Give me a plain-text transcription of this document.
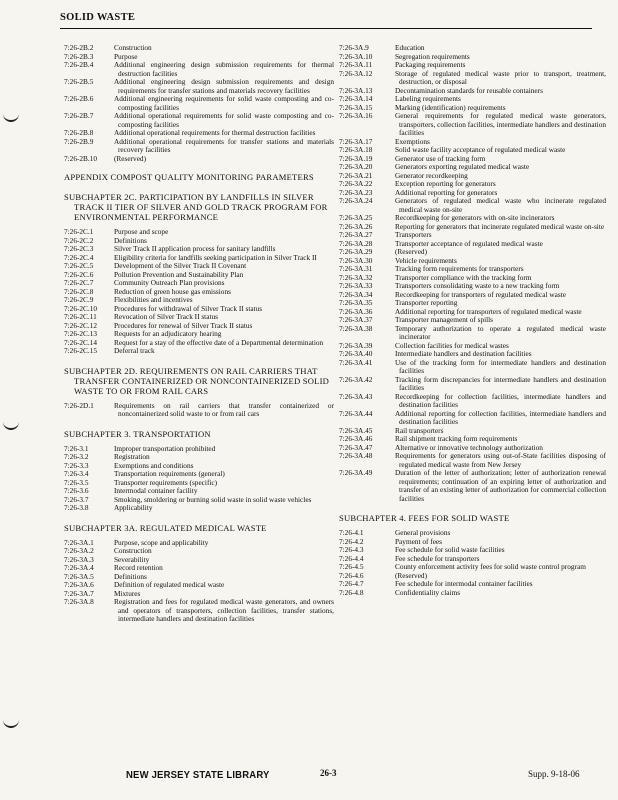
SOLID WASTE
7:26-2B.2	Construction
7:26-2B.3	Purpose
7:26-2B.4	Additional engineering design submission requirements for thermal destruction facilities
7:26-2B.5	Additional engineering design submission requirements and design requirements for transfer stations and materials recovery facilities
7:26-2B.6	Additional engineering requirements for solid waste composting and co-composting facilities
7:26-2B.7	Additional operational requirements for solid waste composting and co-composting facilities
7:26-2B.8	Additional operational requirements for thermal destruction facilities
7:26-2B.9	Additional operational requirements for transfer stations and materials recovery facilities
7:26-2B.10	(Reserved)
APPENDIX COMPOST QUALITY MONITORING PARAMETERS
SUBCHAPTER 2C. PARTICIPATION BY LANDFILLS IN SILVER TRACK II TIER OF SILVER AND GOLD TRACK PROGRAM FOR ENVIRONMENTAL PERFORMANCE
7:26-2C.1	Purpose and scope
7:26-2C.2	Definitions
7:26-2C.3	Silver Track II application process for sanitary landfills
7:26-2C.4	Eligibility criteria for landfills seeking participation in Silver Track II
7:26-2C.5	Development of the Silver Track II Covenant
7:26-2C.6	Pollution Prevention and Sustainability Plan
7:26-2C.7	Community Outreach Plan provisions
7:26-2C.8	Reduction of green house gas emissions
7:26-2C.9	Flexibilities and incentives
7:26-2C.10	Procedures for withdrawal of Silver Track II status
7:26-2C.11	Revocation of Silver Track II status
7:26-2C.12	Procedures for renewal of Silver Track II status
7:26-2C.13	Requests for an adjudicatory hearing
7:26-2C.14	Request for a stay of the effective date of a Departmental determination
7:26-2C.15	Deferral track
SUBCHAPTER 2D. REQUIREMENTS ON RAIL CARRIERS THAT TRANSFER CONTAINERIZED OR NONCONTAINERIZED SOLID WASTE TO OR FROM RAIL CARS
7:26-2D.1	Requirements on rail carriers that transfer containerized or noncontainerized solid waste to or from rail cars
SUBCHAPTER 3. TRANSPORTATION
7:26-3.1	Improper transportation prohibited
7:26-3.2	Registration
7:26-3.3	Exemptions and conditions
7:26-3.4	Transportation requirements (general)
7:26-3.5	Transporter requirements (specific)
7:26-3.6	Intermodal container facility
7:26-3.7	Smoking, smoldering or burning solid waste in solid waste vehicles
7:26-3.8	Applicability
SUBCHAPTER 3A. REGULATED MEDICAL WASTE
7:26-3A.1	Purpose, scope and applicability
7:26-3A.2	Construction
7:26-3A.3	Severability
7:26-3A.4	Record retention
7:26-3A.5	Definitions
7:26-3A.6	Definition of regulated medical waste
7:26-3A.7	Mixtures
7:26-3A.8	Registration and fees for regulated medical waste generators, and owners and operators of transporters, collection facilities, transfer stations, intermediate handlers and destination facilities
7:26-3A.9	Education
7:26-3A.10	Segregation requirements
7:26-3A.11	Packaging requirements
7:26-3A.12	Storage of regulated medical waste prior to transport, treatment, destruction, or disposal
7:26-3A.13	Decontamination standards for reusable containers
7:26-3A.14	Labeling requirements
7:26-3A.15	Marking (identification) requirements
7:26-3A.16	General requirements for regulated medical waste generators, transporters, collection facilities, intermediate handlers and destination facilities
7:26-3A.17	Exemptions
7:26-3A.18	Solid waste facility acceptance of regulated medical waste
7:26-3A.19	Generator use of tracking form
7:26-3A.20	Generators exporting regulated medical waste
7:26-3A.21	Generator recordkeeping
7:26-3A.22	Exception reporting for generators
7:26-3A.23	Additional reporting for generators
7:26-3A.24	Generators of regulated medical waste who incinerate regulated medical waste on-site
7:26-3A.25	Recordkeeping for generators with on-site incinerators
7:26-3A.26	Reporting for generators that incinerate regulated medical waste on-site
7:26-3A.27	Transporters
7:26-3A.28	Transporter acceptance of regulated medical waste
7:26-3A.29	(Reserved)
7:26-3A.30	Vehicle requirements
7:26-3A.31	Tracking form requirements for transporters
7:26-3A.32	Transporter compliance with the tracking form
7:26-3A.33	Transporters consolidating waste to a new tracking form
7:26-3A.34	Recordkeeping for transporters of regulated medical waste
7:26-3A.35	Transporter reporting
7:26-3A.36	Additional reporting for transporters of regulated medical waste
7:26-3A.37	Transporter management of spills
7:26-3A.38	Temporary authorization to operate a regulated medical waste incinerator
7:26-3A.39	Collection facilities for medical wastes
7:26-3A.40	Intermediate handlers and destination facilities
7:26-3A.41	Use of the tracking form for intermediate handlers and destination facilities
7:26-3A.42	Tracking form discrepancies for intermediate handlers and destination facilities
7:26-3A.43	Recordkeeping for collection facilities, intermediate handlers and destination facilities
7:26-3A.44	Additional reporting for collection facilities, intermediate handlers and destination facilities
7:26-3A.45	Rail transporters
7:26-3A.46	Rail shipment tracking form requirements
7:26-3A.47	Alternative or innovative technology authorization
7:26-3A.48	Requirements for generators using out-of-State facilities disposing of regulated medical waste from New Jersey
7:26-3A.49	Duration of the letter of authorization; letter of authorization renewal requirements; continuation of an expiring letter of authorization and transfer of an existing letter of authorization for commercial collection facilities
SUBCHAPTER 4. FEES FOR SOLID WASTE
7:26-4.1	General provisions
7:26-4.2	Payment of fees
7:26-4.3	Fee schedule for solid waste facilities
7:26-4.4	Fee schedule for transporters
7:26-4.5	County enforcement activity fees for solid waste control program
7:26-4.6	(Reserved)
7:26-4.7	Fee schedule for intermodal container facilities
7:26-4.8	Confidentiality claims
NEW JERSEY STATE LIBRARY	26-3	Supp. 9-18-06
